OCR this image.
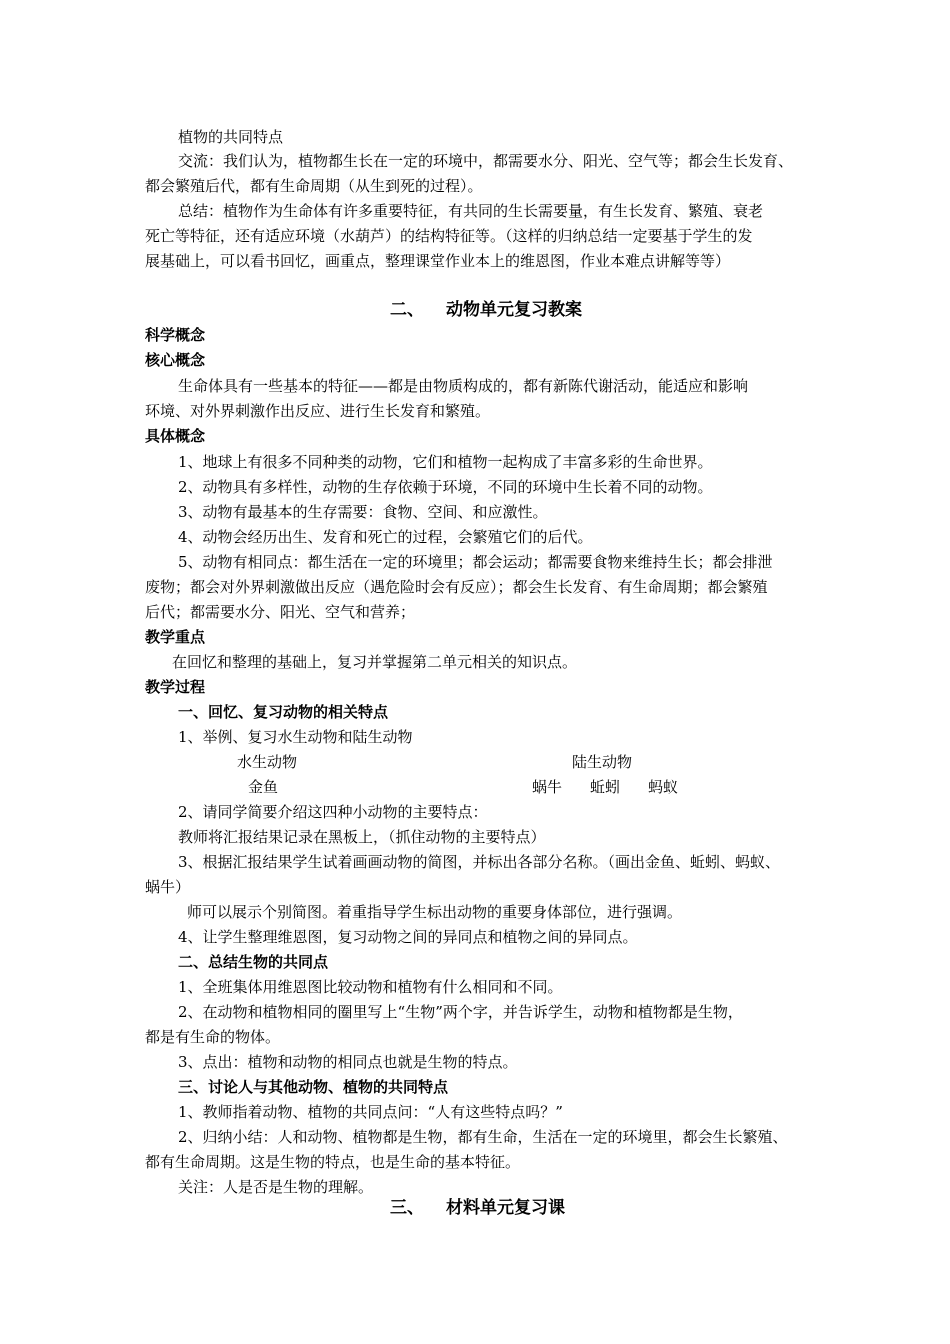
植物的共同特点
交流：我们认为，植物都生长在一定的环境中，都需要水分、阳光、空气等；都会生长发育、
都会繁殖后代，都有生命周期（从生到死的过程）。
总结：植物作为生命体有许多重要特征，有共同的生长需要量，有生长发育、繁殖、衰老
死亡等特征，还有适应环境（水葫芦）的结构特征等。（这样的归纳总结一定要基于学生的发
展基础上，可以看书回忆，画重点，整理课堂作业本上的维恩图，作业本难点讲解等等）
二、 动物单元复习教案
科学概念
核心概念
生命体具有一些基本的特征——都是由物质构成的，都有新陈代谢活动，能适应和影响
环境、对外界刺激作出反应、进行生长发育和繁殖。
具体概念
1、地球上有很多不同种类的动物，它们和植物一起构成了丰富多彩的生命世界。
2、动物具有多样性，动物的生存依赖于环境，不同的环境中生长着不同的动物。
3、动物有最基本的生存需要：食物、空间、和应激性。
4、动物会经历出生、发育和死亡的过程，会繁殖它们的后代。
5、动物有相同点：都生活在一定的环境里；都会运动；都需要食物来维持生长；都会排泄
废物；都会对外界刺激做出反应（遇危险时会有反应）；都会生长发育、有生命周期；都会繁殖
后代；都需要水分、阳光、空气和营养；
教学重点
在回忆和整理的基础上，复习并掌握第二单元相关的知识点。
教学过程
一、回忆、复习动物的相关特点
1、举例、复习水生动物和陆生动物
水生动物	陆生动物
金鱼	蜗牛 蚯蚓 蚂蚁
2、请同学简要介绍这四种小动物的主要特点：
教师将汇报结果记录在黑板上，（抓住动物的主要特点）
3、根据汇报结果学生试着画画动物的简图，并标出各部分名称。（画出金鱼、蚯蚓、蚂蚁、
蜗牛）
师可以展示个别简图。着重指导学生标出动物的重要身体部位，进行强调。
4、让学生整理维恩图，复习动物之间的异同点和植物之间的异同点。
二、总结生物的共同点
1、全班集体用维恩图比较动物和植物有什么相同和不同。
2、在动物和植物相同的圈里写上“生物”两个字，并告诉学生，动物和植物都是生物，
都是有生命的物体。
3、点出：植物和动物的相同点也就是生物的特点。
三、讨论人与其他动物、植物的共同特点
1、教师指着动物、植物的共同点问：“人有这些特点吗？”
2、归纳小结：人和动物、植物都是生物，都有生命，生活在一定的环境里，都会生长繁殖、
都有生命周期。这是生物的特点，也是生命的基本特征。
关注：人是否是生物的理解。
三、 材料单元复习课
